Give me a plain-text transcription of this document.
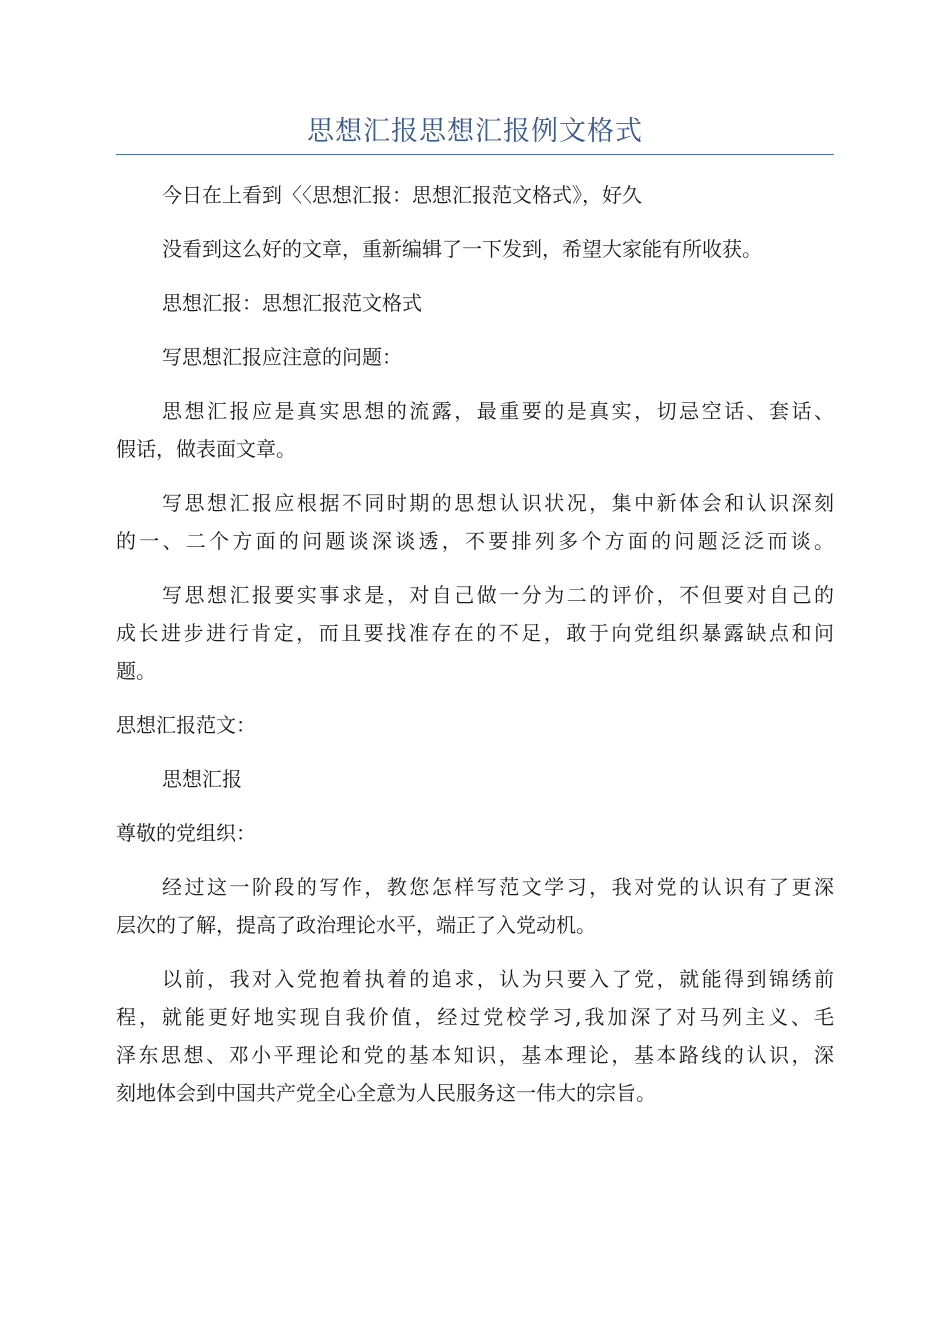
思想汇报思想汇报例文格式
今日在上看到〈〈思想汇报：思想汇报范文格式》，好久
没看到这么好的文章，重新编辑了一下发到，希望大家能有所收获。
思想汇报：思想汇报范文格式
写思想汇报应注意的问题：
思想汇报应是真实思想的流露，最重要的是真实，切忌空话、套话、
假话，做表面文章。
写思想汇报应根据不同时期的思想认识状况，集中新体会和认识深刻
的一、二个方面的问题谈深谈透，不要排列多个方面的问题泛泛而谈。
写思想汇报要实事求是，对自己做一分为二的评价，不但要对自己的
成长进步进行肯定，而且要找准存在的不足，敢于向党组织暴露缺点和问
题。
思想汇报范文：
思想汇报
尊敬的党组织：
经过这一阶段的写作，教您怎样写范文学习，我对党的认识有了更深
层次的了解，提高了政治理论水平，端正了入党动机。
以前，我对入党抱着执着的追求，认为只要入了党，就能得到锦绣前
程，就能更好地实现自我价值，经过党校学习,我加深了对马列主义、毛
泽东思想、邓小平理论和党的基本知识，基本理论，基本路线的认识，深
刻地体会到中国共产党全心全意为人民服务这一伟大的宗旨。
